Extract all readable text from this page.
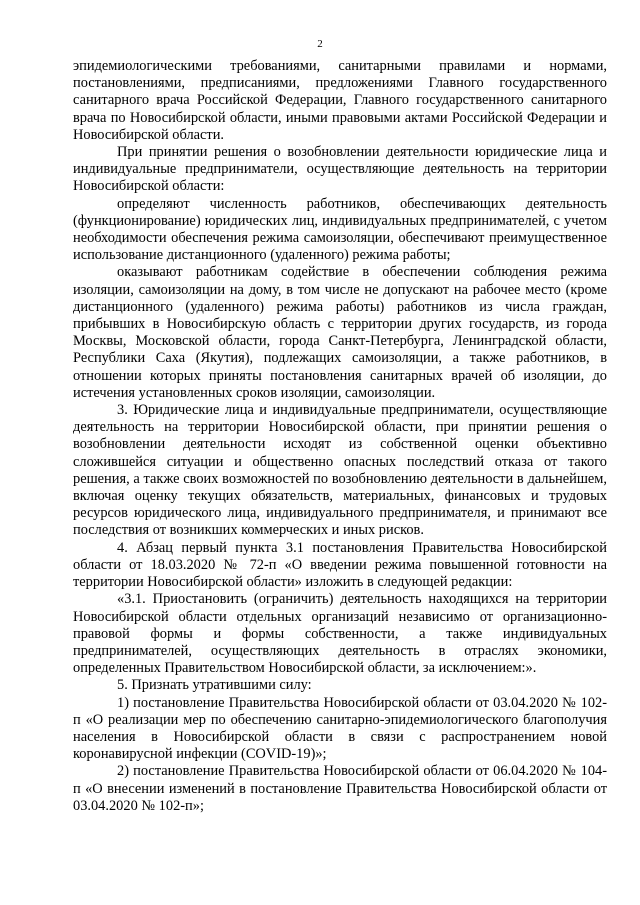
2

эпидемиологическими требованиями, санитарными правилами и нормами, постановлениями, предписаниями, предложениями Главного государственного санитарного врача Российской Федерации, Главного государственного санитарного врача по Новосибирской области, иными правовыми актами Российской Федерации и Новосибирской области.

При принятии решения о возобновлении деятельности юридические лица и индивидуальные предприниматели, осуществляющие деятельность на территории Новосибирской области:

определяют численность работников, обеспечивающих деятельность (функционирование) юридических лиц, индивидуальных предпринимателей, с учетом необходимости обеспечения режима самоизоляции, обеспечивают преимущественное использование дистанционного (удаленного) режима работы;

оказывают работникам содействие в обеспечении соблюдения режима изоляции, самоизоляции на дому, в том числе не допускают на рабочее место (кроме дистанционного (удаленного) режима работы) работников из числа граждан, прибывших в Новосибирскую область с территории других государств, из города Москвы, Московской области, города Санкт-Петербурга, Ленинградской области, Республики Саха (Якутия), подлежащих самоизоляции, а также работников, в отношении которых приняты постановления санитарных врачей об изоляции, до истечения установленных сроков изоляции, самоизоляции.

3. Юридические лица и индивидуальные предприниматели, осуществляющие деятельность на территории Новосибирской области, при принятии решения о возобновлении деятельности исходят из собственной оценки объективно сложившейся ситуации и общественно опасных последствий отказа от такого решения, а также своих возможностей по возобновлению деятельности в дальнейшем, включая оценку текущих обязательств, материальных, финансовых и трудовых ресурсов юридического лица, индивидуального предпринимателя, и принимают все последствия от возникших коммерческих и иных рисков.

4. Абзац первый пункта 3.1 постановления Правительства Новосибирской области от 18.03.2020 № 72-п «О введении режима повышенной готовности на территории Новосибирской области» изложить в следующей редакции:

«3.1. Приостановить (ограничить) деятельность находящихся на территории Новосибирской области отдельных организаций независимо от организационно-правовой формы и формы собственности, а также индивидуальных предпринимателей, осуществляющих деятельность в отраслях экономики, определенных Правительством Новосибирской области, за исключением:».

5. Признать утратившими силу:

1) постановление Правительства Новосибирской области от 03.04.2020 № 102-п «О реализации мер по обеспечению санитарно-эпидемиологического благополучия населения в Новосибирской области в связи с распространением новой коронавирусной инфекции (COVID-19)»;

2) постановление Правительства Новосибирской области от 06.04.2020 № 104-п «О внесении изменений в постановление Правительства Новосибирской области от 03.04.2020 № 102-п»;
